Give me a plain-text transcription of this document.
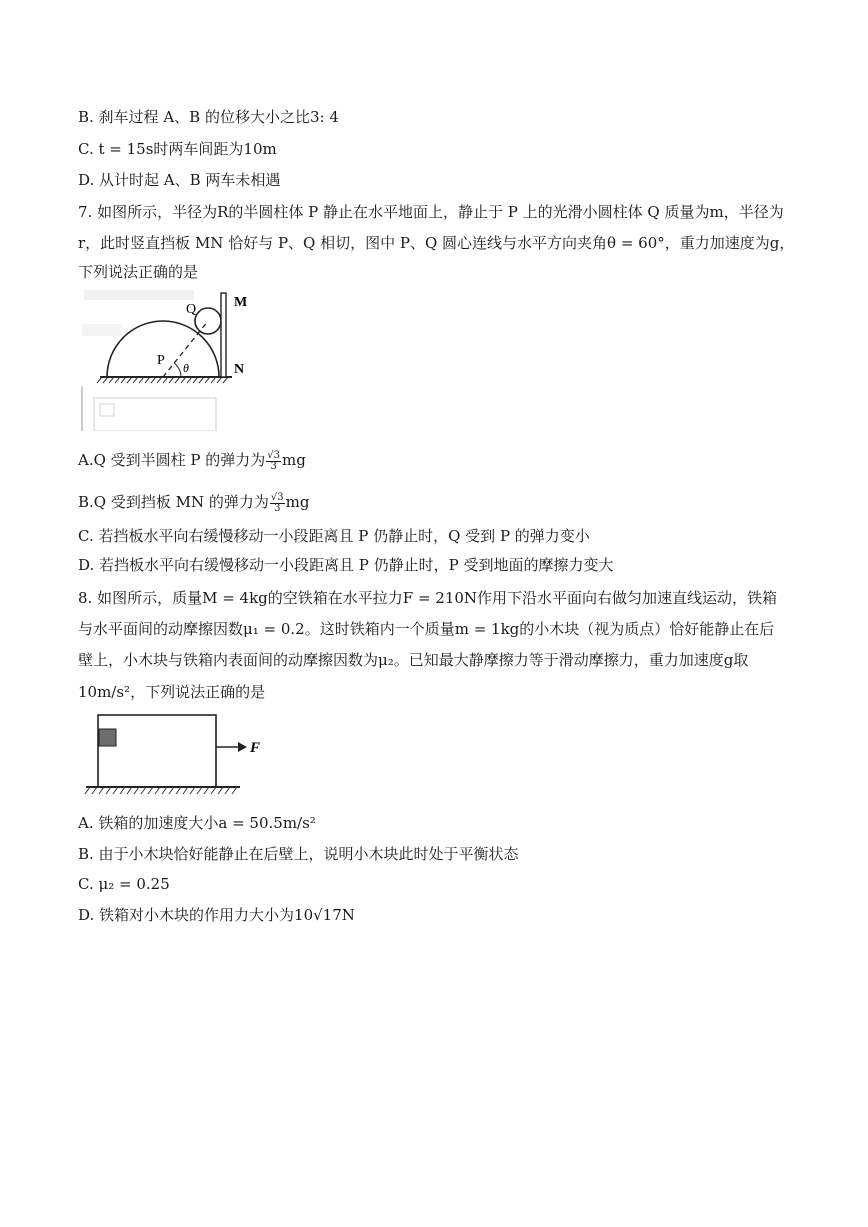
B. 刹车过程 A、B 的位移大小之比3: 4
C. t = 15s时两车间距为10m
D. 从计时起 A、B 两车未相遇
7. 如图所示，半径为R的半圆柱体 P 静止在水平地面上，静止于 P 上的光滑小圆柱体 Q 质量为m，半径为
r，此时竖直挡板 MN 恰好与 P、Q 相切，图中 P、Q 圆心连线与水平方向夹角θ = 60°，重力加速度为g，
下列说法正确的是
Q	M
P θ	N
A.Q 受到半圆柱 P 的弹力为 $\frac{√3}{3}$ mg
B.Q 受到挡板 MN 的弹力为 $\frac{√3}{3}$ mg
C. 若挡板水平向右缓慢移动一小段距离且 P 仍静止时，Q 受到 P 的弹力变小
D. 若挡板水平向右缓慢移动一小段距离且 P 仍静止时，P 受到地面的摩擦力变大
8. 如图所示，质量M = 4kg的空铁箱在水平拉力F = 210N作用下沿水平面向右做匀加速直线运动，铁箱
与水平面间的动摩擦因数μ₁ = 0.2。这时铁箱内一个质量m = 1kg的小木块（视为质点）恰好能静止在后
壁上，小木块与铁箱内表面间的动摩擦因数为μ₂。已知最大静摩擦力等于滑动摩擦力，重力加速度g取
10m/s²，下列说法正确的是
F
A. 铁箱的加速度大小a = 50.5m/s²
B. 由于小木块恰好能静止在后壁上，说明小木块此时处于平衡状态
C. μ₂ = 0.25
D. 铁箱对小木块的作用力大小为10√17N
